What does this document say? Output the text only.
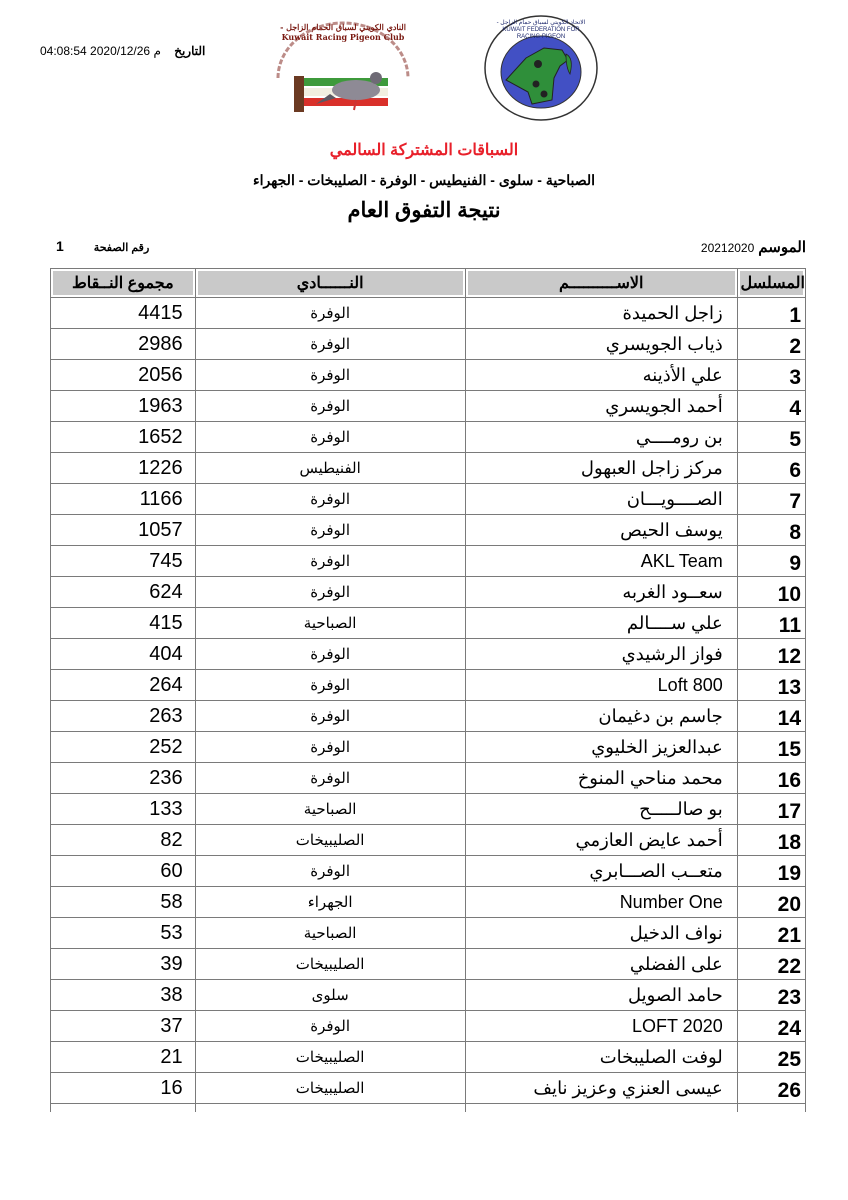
التاريخ 04:08:54 2020/12/26 م
النادي الكويتي لسباق الحمام الزاجل - Kuwait Racing Pigeon Club
الاتحاد الكويتي لسباق حمام الزاجل - KUWAIT FEDERATION FOR RACING PIGEON
السباقات المشتركة السالمي
الصباحية - سلوى - الفنيطيس - الوفرة - الصليبخات - الجهراء
نتيجة التفوق العام
الموسم20212020
رقم الصفحة1
المسلسل	الاســــــــــم	النــــــادي	مجموع النــقاط
1	زاجل الحميدة	الوفرة	4415
2	ذياب الجويسري	الوفرة	2986
3	علي الأذينه	الوفرة	2056
4	أحمد الجويسري	الوفرة	1963
5	بن رومــــي	الوفرة	1652
6	مركز زاجل العبهول	الفنيطيس	1226
7	الصــــويـــان	الوفرة	1166
8	يوسف الحيص	الوفرة	1057
9	AKL Team	الوفرة	745
10	سعــود الغربه	الوفرة	624
11	علي ســــالم	الصباحية	415
12	فواز الرشيدي	الوفرة	404
13	Loft 800	الوفرة	264
14	جاسم بن دغيمان	الوفرة	263
15	عبدالعزيز الخليوي	الوفرة	252
16	محمد مناحي المنوخ	الوفرة	236
17	بو صالـــــح	الصباحية	133
18	أحمد عايض العازمي	الصليبيخات	82
19	متعــب الصـــابري	الوفرة	60
20	Number One	الجهراء	58
21	نواف الدخيل	الصباحية	53
22	على الفضلي	الصليبيخات	39
23	حامد الصويل	سلوى	38
24	LOFT 2020	الوفرة	37
25	لوفت الصليبخات	الصليبيخات	21
26	عيسى العنزي وعزيز نايف	الصليبيخات	16
